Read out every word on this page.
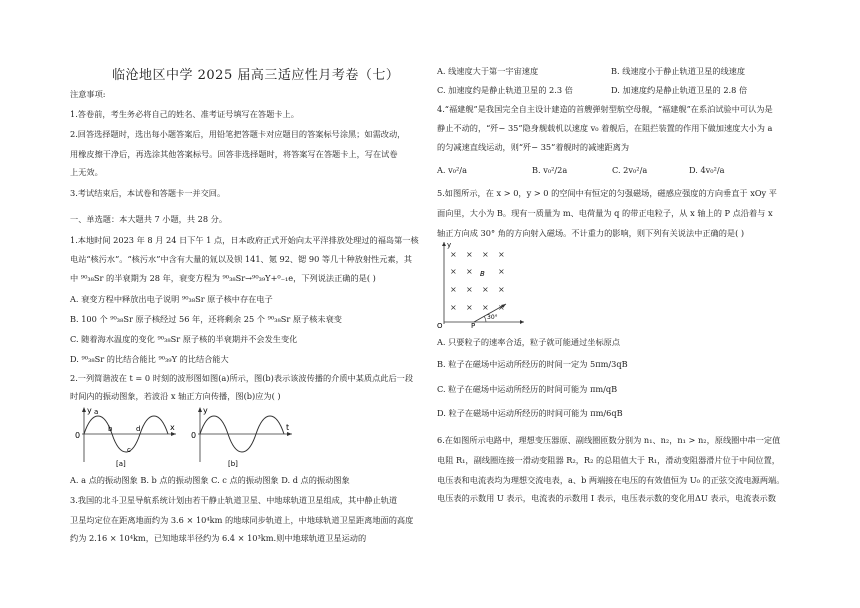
临沧地区中学 2025 届高三适应性月考卷（七）
注意事项:
1.答卷前，考生务必将自己的姓名、准考证号填写在答题卡上。
2.回答选择题时，选出每小题答案后，用铅笔把答题卡对应题目的答案标号涂黑；如需改动，
用橡皮擦干净后，再选涂其他答案标号。回答非选择题时，将答案写在答题卡上，写在试卷
上无效。
3.考试结束后，本试卷和答题卡一并交回。
一、单选题：本大题共 7 小题，共 28 分。
1.本地时间 2023 年 8 月 24 日下午 1 点，日本政府正式开始向太平洋排放处理过的福岛第一核
电站“核污水”。“核污水”中含有大量的氚以及钡 141、氪 92、锶 90 等几十种放射性元素，其
中 ⁹⁰₃₈Sr 的半衰期为 28 年，衰变方程为 ⁹⁰₃₈Sr→⁹⁰₃₉Y+⁰₋₁e，下列说法正确的是( )
A. 衰变方程中释放出电子说明 ⁹⁰₃₈Sr 原子核中存在电子
B. 100 个 ⁹⁰₃₈Sr 原子核经过 56 年，还将剩余 25 个 ⁹⁰₃₈Sr 原子核未衰变
C. 随着海水温度的变化 ⁹⁰₃₈Sr 原子核的半衰期并不会发生变化
D. ⁹⁰₃₈Sr 的比结合能比 ⁹⁰₃₉Y 的比结合能大
2.一列简谐波在 t = 0 时刻的波形图如图(a)所示，图(b)表示该波传播的介质中某质点此后一段
时间内的振动图象，若波沿 x 轴正方向传播，图(b)应为( )
y
x
0
a
b
c
d
[a]
y
t
0
[b]
A. a 点的振动图象 B. b 点的振动图象 C. c 点的振动图象 D. d 点的振动图象
3.我国的北斗卫星导航系统计划由若干静止轨道卫星、中地球轨道卫星组成，其中静止轨道
卫星均定位在距离地面约为 3.6 × 10⁴km 的地球同步轨道上，中地球轨道卫星距离地面的高度
约为 2.16 × 10⁴km，已知地球半径约为 6.4 × 10³km.则中地球轨道卫星运动的
A. 线速度大于第一宇宙速度	B. 线速度小于静止轨道卫星的线速度
C. 加速度约是静止轨道卫星的 2.3 倍	D. 加速度约是静止轨道卫星的 2.8 倍
4.“福建舰”是我国完全自主设计建造的首艘弹射型航空母舰，“福建舰”在系泊试验中可认为是
静止不动的，“歼− 35”隐身舰载机以速度 v₀ 着舰后，在阻拦装置的作用下做加速度大小为 a
的匀减速直线运动，则“歼− 35”着舰时的减速距离为
A. v₀²/a	B. v₀²/2a	C. 2v₀²/a	D. 4v₀²/a
5.如图所示，在 x > 0，y > 0 的空间中有恒定的匀强磁场，磁感应强度的方向垂直于 xOy 平
面向里，大小为 B。现有一质量为 m、电荷量为 q 的带正电粒子，从 x 轴上的 P 点沿着与 x
轴正方向成 30° 角的方向射入磁场。不计重力的影响，则下列有关说法中正确的是( )
y
O	P
B
30°
× × × ×
× ×	×
× × × ×
× × × ×
A. 只要粒子的速率合适，粒子就可能通过坐标原点
B. 粒子在磁场中运动所经历的时间一定为 5πm/3qB
C. 粒子在磁场中运动所经历的时间可能为 πm/qB
D. 粒子在磁场中运动所经历的时间可能为 πm/6qB
6.在如图所示电路中，理想变压器原、副线圈匝数分别为 n₁、n₂，n₁ > n₂，原线圈中串一定值
电阻 R₁，副线圈连接一滑动变阻器 R₂，R₂ 的总阻值大于 R₁，滑动变阻器滑片位于中间位置，
电压表和电流表均为理想交流电表，a、b 两端接在电压的有效值恒为 U₀ 的正弦交流电源两端。
电压表的示数用 U 表示，电流表的示数用 I 表示，电压表示数的变化用ΔU 表示，电流表示数
